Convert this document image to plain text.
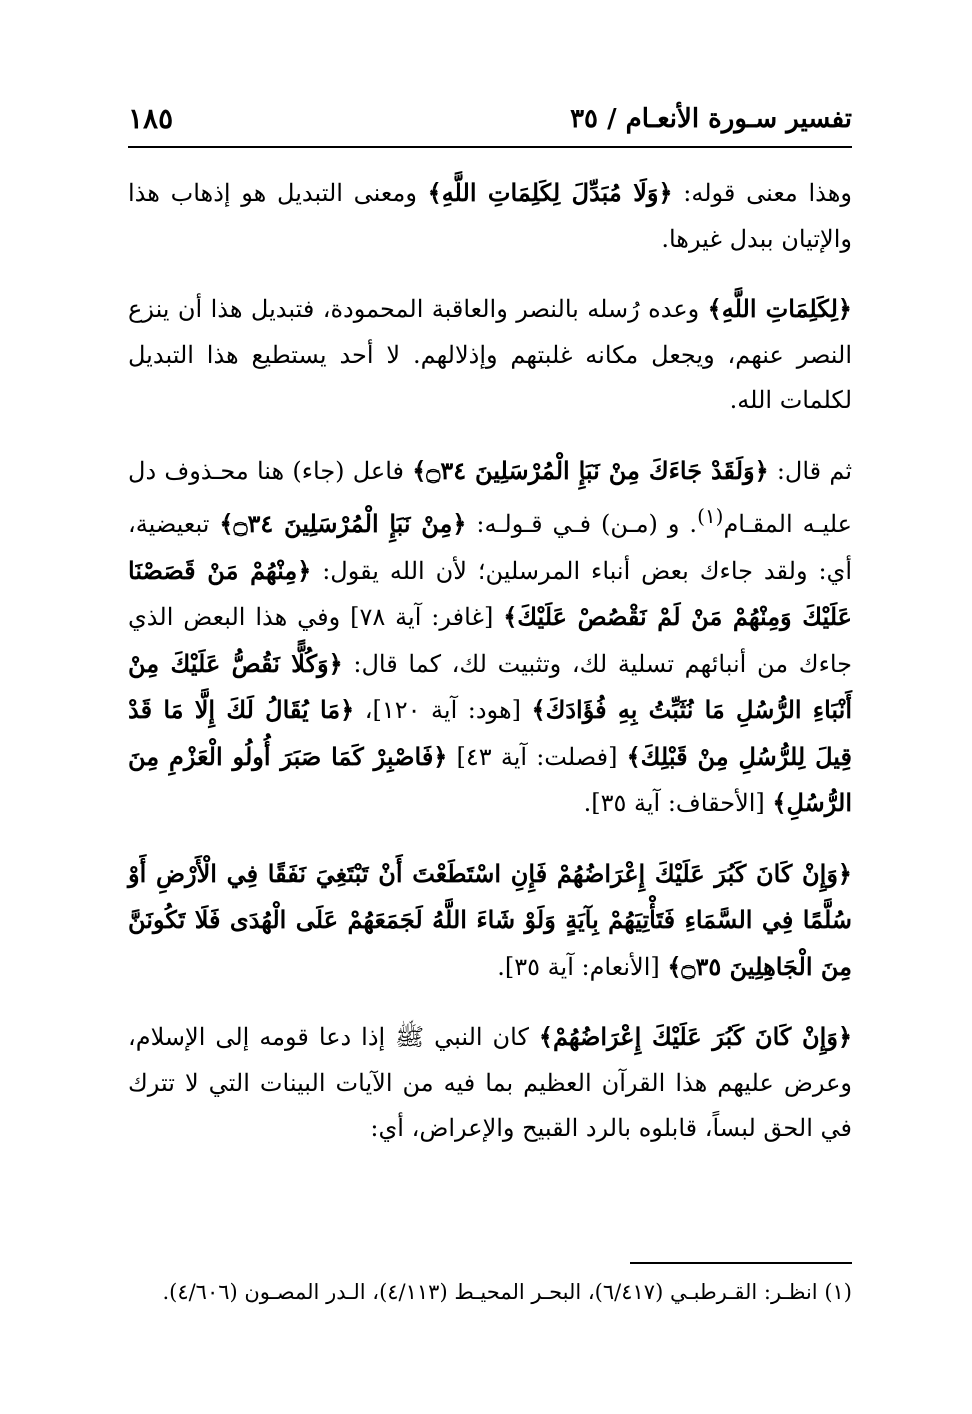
تفسير سـورة الأنعـام / ٣٥
١٨٥

وهذا معنى قوله: ﴿وَلَا مُبَدِّلَ لِكَلِمَاتِ اللَّهِ﴾ ومعنى التبديل هو إذهاب هذا والإتيان ببدل غيرها.

﴿لِكَلِمَاتِ اللَّهِ﴾ وعده رُسله بالنصر والعاقبة المحمودة، فتبديل هذا أن ينزع النصر عنهم، ويجعل مكانه غلبتهم وإذلالهم. لا أحد يستطيع هذا التبديل لكلمات الله.

ثم قال: ﴿وَلَقَدْ جَاءَكَ مِنْ نَبَإِ الْمُرْسَلِينَ ۝٣٤﴾ فاعل (جاء) هنا محـذوف دل عليـه المقـام$^{(١)}$. و (مـن) فـي قـولـه: ﴿مِنْ نَبَإِ الْمُرْسَلِينَ ۝٣٤﴾ تبعيضية، أي: ولقد جاءك بعض أنباء المرسلين؛ لأن الله يقول: ﴿مِنْهُمْ مَنْ قَصَصْنَا عَلَيْكَ وَمِنْهُمْ مَنْ لَمْ نَقْصُصْ عَلَيْكَ﴾ [غافر: آية ٧٨] وفي هذا البعض الذي جاءك من أنبائهم تسلية لك، وتثبيت لك، كما قال: ﴿وَكُلًّا نَقُصُّ عَلَيْكَ مِنْ أَنْبَاءِ الرُّسُلِ مَا نُثَبِّتُ بِهِ فُؤَادَكَ﴾ [هود: آية ١٢٠]، ﴿مَا يُقَالُ لَكَ إِلَّا مَا قَدْ قِيلَ لِلرُّسُلِ مِنْ قَبْلِكَ﴾ [فصلت: آية ٤٣] ﴿فَاصْبِرْ كَمَا صَبَرَ أُولُو الْعَزْمِ مِنَ الرُّسُلِ﴾ [الأحقاف: آية ٣٥].

﴿وَإِنْ كَانَ كَبُرَ عَلَيْكَ إِعْرَاضُهُمْ فَإِنِ اسْتَطَعْتَ أَنْ تَبْتَغِيَ نَفَقًا فِي الْأَرْضِ أَوْ سُلَّمًا فِي السَّمَاءِ فَتَأْتِيَهُمْ بِآيَةٍ وَلَوْ شَاءَ اللَّهُ لَجَمَعَهُمْ عَلَى الْهُدَى فَلَا تَكُونَنَّ مِنَ الْجَاهِلِينَ ۝٣٥﴾ [الأنعام: آية ٣٥].

﴿وَإِنْ كَانَ كَبُرَ عَلَيْكَ إِعْرَاضُهُمْ﴾ كان النبي ﷺ إذا دعا قومه إلى الإسلام، وعرض عليهم هذا القرآن العظيم بما فيه من الآيات البينات التي لا تترك في الحق لبساً، قابلوه بالرد القبيح والإعراض، أي:

(١) انظـر: القـرطبـي (٦/٤١٧)، البحـر المحيـط (٤/١١٣)، الـدر المصـون (٤/٦٠٦).
